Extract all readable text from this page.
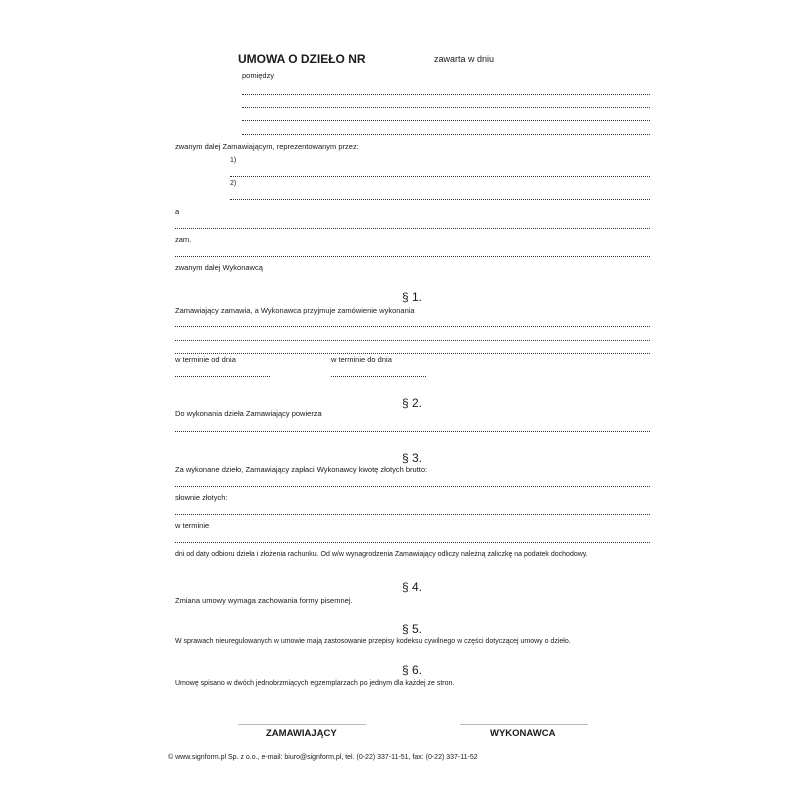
UMOWA O DZIEŁO NR	zawarta w dniu
pomiędzy
zwanym dalej Zamawiającym, reprezentowanym przez:
1)
2)
a
zam.
zwanym dalej Wykonawcą
§ 1.
Zamawiający zamawia, a Wykonawca przyjmuje zamówienie wykonania
w terminie od dnia	w terminie do dnia
§ 2.
Do wykonania dzieła Zamawiający powierza
§ 3.
Za wykonane dzieło, Zamawiający zapłaci Wykonawcy kwotę złotych brutto:
słownie złotych:
w terminie
dni od daty odbioru dzieła i złożenia rachunku. Od w/w wynagrodzenia Zamawiający odliczy należną zaliczkę na podatek dochodowy.
§ 4.
Zmiana umowy wymaga zachowania formy pisemnej.
§ 5.
W sprawach nieuregulowanych w umowie mają zastosowanie przepisy kodeksu cywilnego w części dotyczącej umowy o dzieło.
§ 6.
Umowę spisano w dwóch jednobrzmiących egzemplarzach po jednym dla każdej ze stron.
ZAMAWIAJĄCY	WYKONAWCA
© www.signform.pl Sp. z o.o., e-mail: biuro@signform.pl, tel. (0-22) 337-11-51, fax: (0-22) 337-11-52
